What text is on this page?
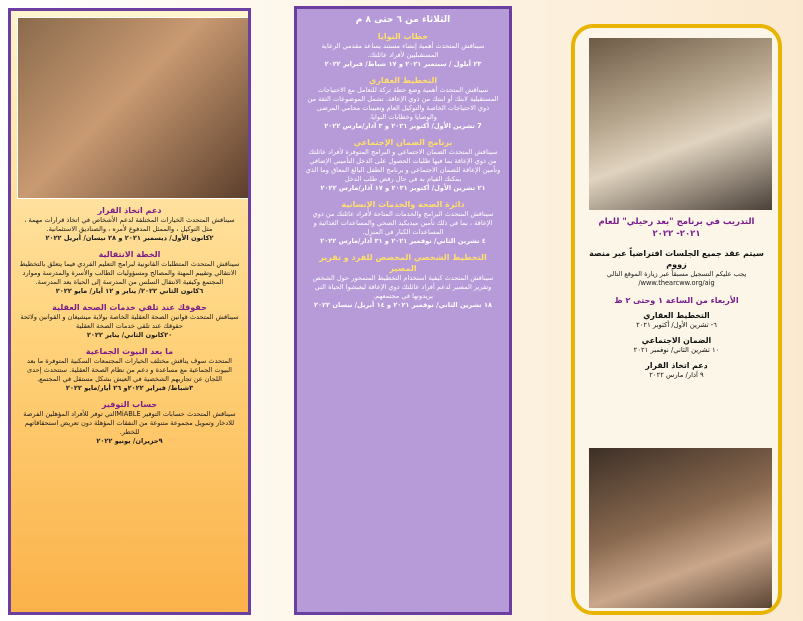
دعم اتخاذ القرار
سيناقش المتحدث الخيارات المختلفة لدعم الأشخاص في اتخاذ قرارات مهمة ، مثل التوكيل ، والممثل المدفوع لأمره ، والصناديق الاستئمانية.
٢كانون الأول/ ديسمبر ٢٠٢١ و ٢٨ نيسان/ أبريل ٢٠٢٢
الخطة الانتقالية
سيناقش المتحدث المتطلبات القانونية لبرامج التعليم الفردي فيما يتعلق بالتخطيط الانتقالي وتقييم المهنة والمصالح ومسؤوليات الطالب والأسرة والمدرسة وموارد المجتمع وكيفية الانتقال السلس من المدرسة إلى الحياة بعد المدرسة.
٦كانون الثاني ٢٠٢٢/ يناير و ١٢ أيار/ مايو ٢٠٢٢
حقوقك عند تلقي خدمات الصحة العقلية
سيناقش المتحدث قوانين الصحة العقلية الخاصة بولاية ميشيغان و القوانين ولائحة حقوقك عند تلقي خدمات الصحة العقلية
٢٠كانون الثاني/ يناير ٢٠٢٢
ما بعد البيوت الجماعية
المتحدث سوف يناقش مختلف الخيارات المجتمعات السكنية المتوفرة ما بعد البيوت الجماعية مع مساعدة و دعم من نظام الصحة العقلية. ستتحدث إحدى اللجان عن تجاربهم الشخصية في العيش بشكل مستقل في المجتمع.
٣شباط/ فبراير ٢٠٢٢و ٢٦ أيار/مايو ٢٠٢٢
حساب التوفير
سيناقش المتحدث حسابات التوفير MiABLEالتي توفر للأفراد المؤهلين الفرصة للادخار وتمويل مجموعة متنوعة من النفقات المؤهلة دون تعريض استحقاقاتهم للخطر.
٩حزيران/ يونيو ٢٠٢٢
الثلاثاء من ٦ حتى ٨ م
خطاب النوايا
سيناقش المتحدث أهمية إنشاء مستند يساعد مقدمي الرعاية المستقبليين لأفراد عائلتك.
٢٣ أيلول / سبتمبر ٢٠٢١ و ١٧ شباط/ فبراير ٢٠٢٢
التخطيط العقاري
سيناقش المتحدث أهمية وضع خطة تركة للتعامل مع الاحتياجات المستقبلية لابنك أو ابنتك من ذوي الإعاقة. تشمل الموضوعات الثقة من ذوي الاحتياجات الخاصة والتوكيل العام وتعيينات محامي المرضى والوصايا وخطابات النوايا.
7 تشرين الأول/ أكتوبر ٢٠٢١ و ٣ آذار/مارس ٢٠٢٢
برنامج الضمان الإجتماعي
سيناقش المتحدث الضمان الاجتماعي و البرامج المتوفرة لأفراد عائلتك من ذوي الإعاقة بما فيها طلبات الحصول على الدخل التأميني الإضافي وتأمين الإعاقة للضمان الاجتماعي و برنامج الطفل البالغ المعاق وما الذي يمكنك القيام به في حال رفض طلب الدخل
٢١ تشرين الأول/ أكتوبر ٢٠٢١ و ١٧ آذار/مارس ٢٠٢٢
دائرة الصحة والخدمات الإنسانية
سيناقش المتحدث البرامج والخدمات المتاحة لأفراد عائلتك من ذوي الإعاقة ، بما في ذلك تأمين ميديكيد الصحي والمساعدات الغذائية و المساعدات الكبار في المنزل.
٤ تشرين الثاني/ نوفمبر ٢٠٢١ و ٣١ آذار/مارس ٢٠٢٢
التخطيط الشخصي المخصص للفرد و تقرير المصير
سيناقش المتحدث كيفية استخدام التخطيط المتمحور حول الشخص وتقرير المصير لدعم أفراد عائلتك ذوي الإعاقة ليعيشوا الحياة التي يريدونها في مجتمعهم.
١٨ تشرين الثاني/ نوفمبر ٢٠٢١ و ١٤ أبريل/ نيسان ٢٠٢٢
التدريب في برنامج "بعد رحيلي" للعام ٢٠٢١- ٢٠٢٢
سيتم عقد جميع الجلسات افتراضياً عبر منصة زووم
يجب عليكم التسجيل مسبقاً عبر زيارة الموقع التالي
www.thearcww.org/aig/
الأربعاء من الساعة ١ وحتى ٢ ظ
التخطيط العقاري
٦- تشرين الأول/ أكتوبر ٢٠٢١
الضمان الاجتماعي
١٠ تشرين الثاني/ نوفمبر ٢٠٢١
دعم اتخاذ القرار
٩ آذار/ مارس ٢٠٢٢
